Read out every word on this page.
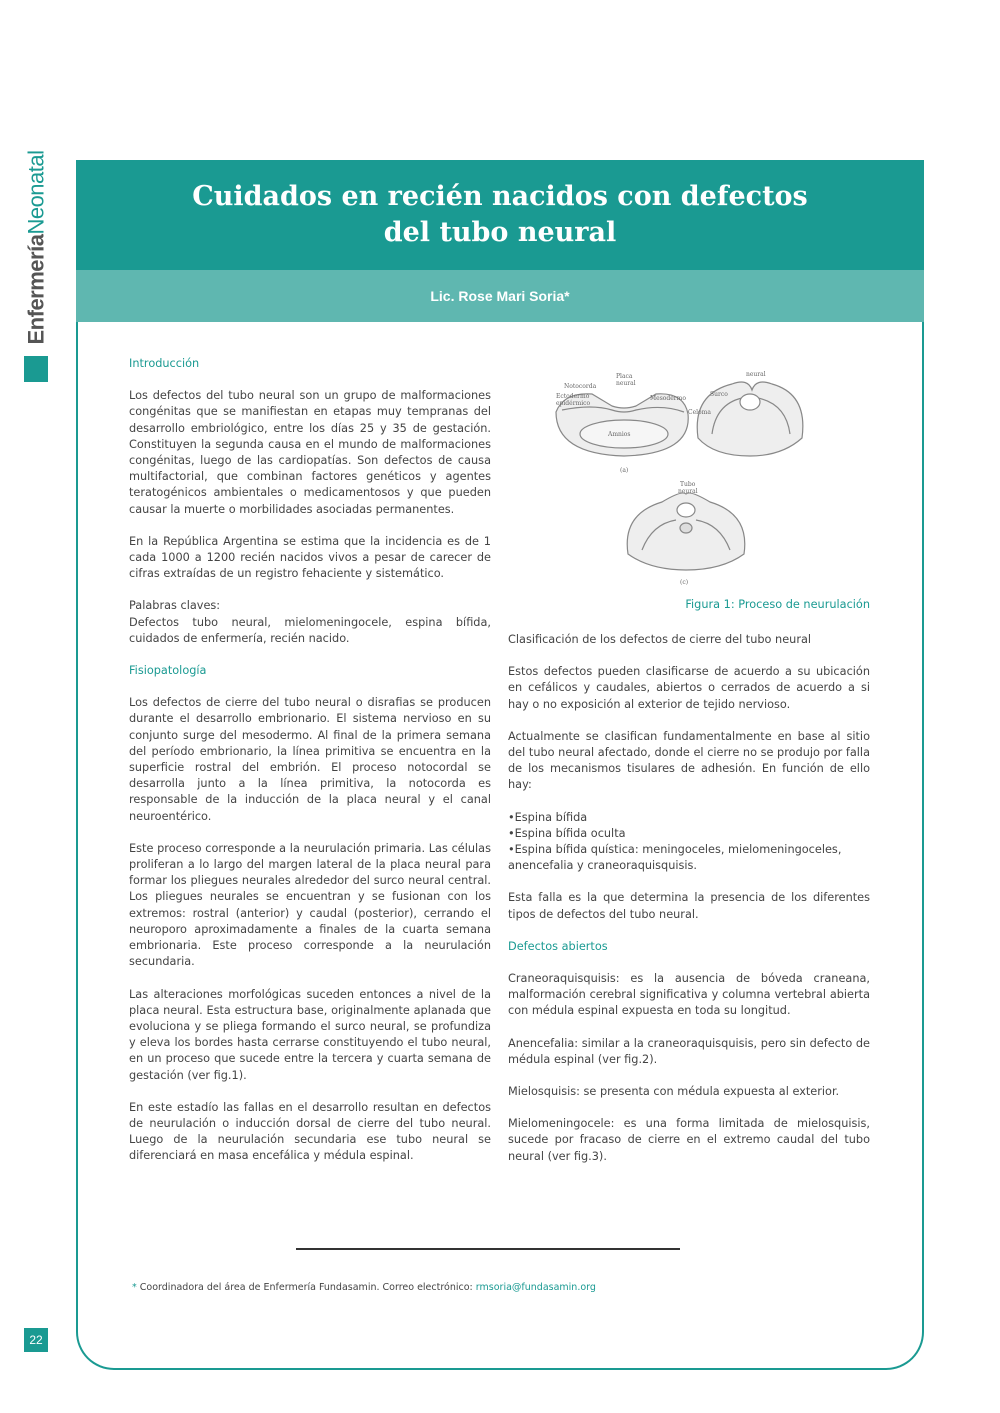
EnfermeríaNeonatal	Cuidados en recién nacidos con defectos del tubo neural
Lic. Rose Mari Soria*
Introducción

Los defectos del tubo neural son un grupo de malformaciones congénitas que se manifiestan en etapas muy tempranas del desarrollo embriológico, entre los días 25 y 35 de gestación. Constituyen la segunda causa en el mundo de malformaciones congénitas, luego de las cardiopatías. Son defectos de causa multifactorial, que combinan factores genéticos y agentes teratogénicos ambientales o medicamentosos y que pueden causar la muerte o morbilidades asociadas permanentes.

En la República Argentina se estima que la incidencia es de 1 cada 1000 a 1200 recién nacidos vivos a pesar de carecer de cifras extraídas de un registro fehaciente y sistemático.

Palabras claves:

Defectos tubo neural, mielomeningocele, espina bífida, cuidados de enfermería, recién nacido.

Fisiopatología

Los defectos de cierre del tubo neural o disrafias se producen durante el desarrollo embrionario. El sistema nervioso en su conjunto surge del mesodermo. Al final de la primera semana del período embrionario, la línea primitiva se encuentra en la superficie rostral del embrión. El proceso notocordal se desarrolla junto a la línea primitiva, la notocorda es responsable de la inducción de la placa neural y el canal neuroentérico.

Este proceso corresponde a la neurulación primaria. Las células proliferan a lo largo del margen lateral de la placa neural para formar los pliegues neurales alrededor del surco neural central. Los pliegues neurales se encuentran y se fusionan con los extremos: rostral (anterior) y caudal (posterior), cerrando el neuroporo aproximadamente a finales de la cuarta semana embrionaria. Este proceso corresponde a la neurulación secundaria.

Las alteraciones morfológicas suceden entonces a nivel de la placa neural. Esta estructura base, originalmente aplanada que evoluciona y se pliega formando el surco neural, se profundiza y eleva los bordes hasta cerrarse constituyendo el tubo neural, en un proceso que sucede entre la tercera y cuarta semana de gestación (ver fig.1).

En este estadío las fallas en el desarrollo resultan en defectos de neurulación o inducción dorsal de cierre del tubo neural. Luego de la neurulación secundaria ese tubo neural se diferenciará en masa encefálica y médula espinal.

Notocorda
Placa
neural
Ectodermo
epidérmico
Mesodermo
Surco
neural
Celoma
Amnios
(a)
Tubo
neural
(c)
Figura 1: Proceso de neurulación

Clasificación de los defectos de cierre del tubo neural

Estos defectos pueden clasificarse de acuerdo a su ubicación en cefálicos y caudales, abiertos o cerrados de acuerdo a si hay o no exposición al exterior de tejido nervioso.

Actualmente se clasifican fundamentalmente en base al sitio del tubo neural afectado, donde el cierre no se produjo por falla de los mecanismos tisulares de adhesión. En función de ello hay:

•Espina bífida
•Espina bífida oculta
•Espina bífida quística: meningoceles, mielomeningoceles, anencefalia y craneoraquisquisis.

Esta falla es la que determina la presencia de los diferentes tipos de defectos del tubo neural.

Defectos abiertos

Craneoraquisquisis: es la ausencia de bóveda craneana, malformación cerebral significativa y columna vertebral abierta con médula espinal expuesta en toda su longitud.

Anencefalia: similar a la craneoraquisquisis, pero sin defecto de médula espinal (ver fig.2).

Mielosquisis: se presenta con médula expuesta al exterior.

Mielomeningocele: es una forma limitada de mielosquisis, sucede por fracaso de cierre en el extremo caudal del tubo neural (ver fig.3).

* Coordinadora del área de Enfermería Fundasamin. Correo electrónico: rmsoria@fundasamin.org
22
